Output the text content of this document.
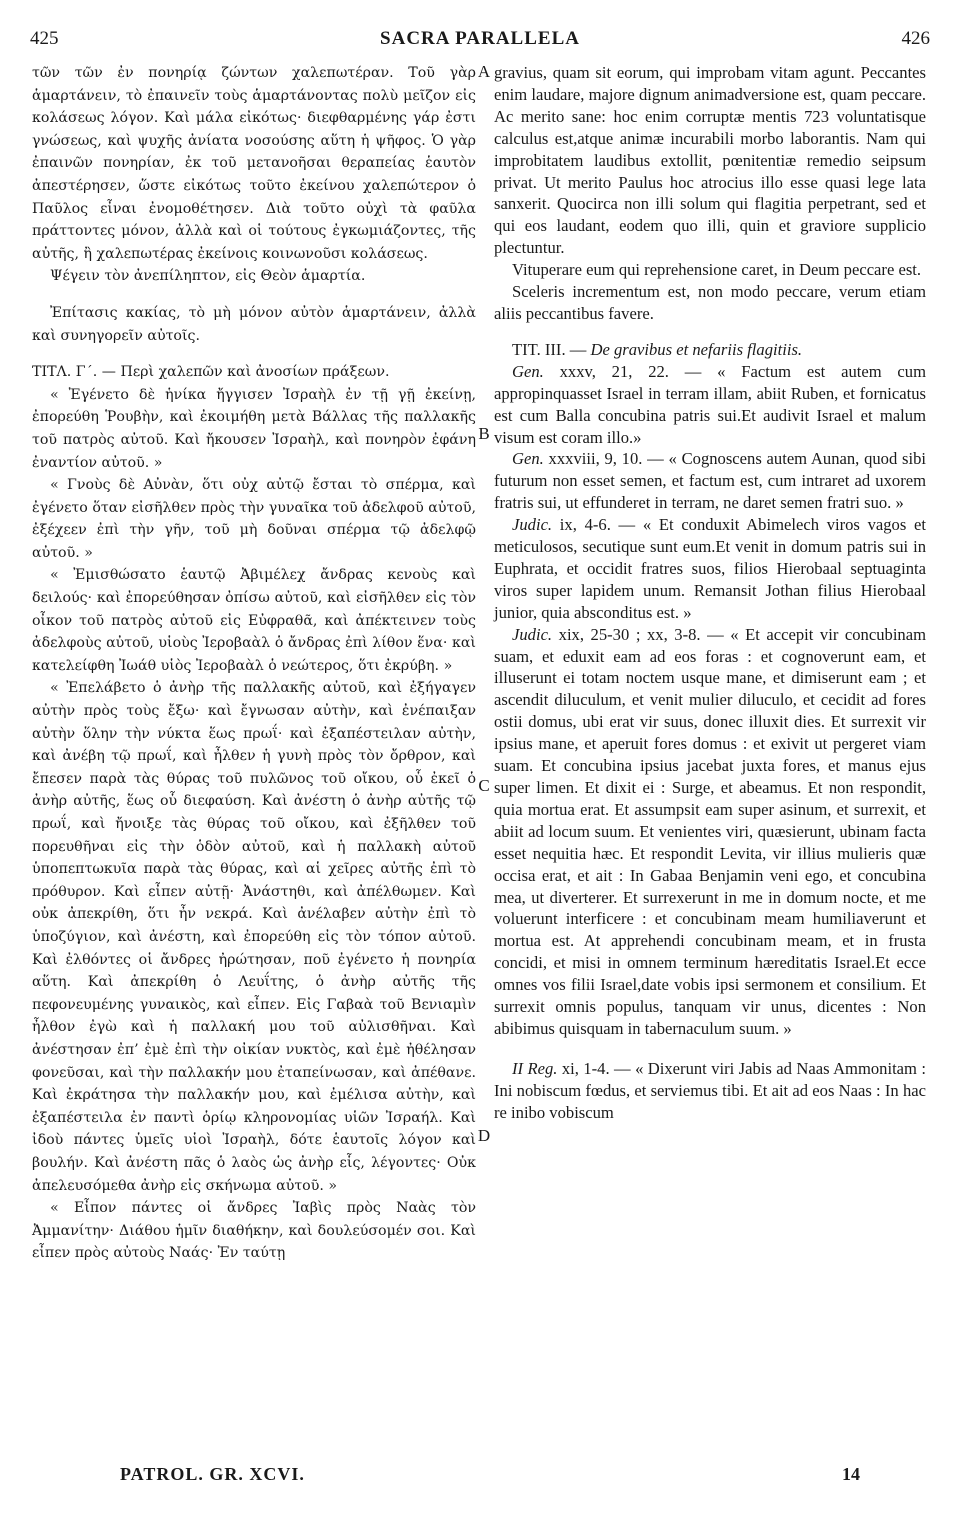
425	SACRA PARALLELA	426

τῶν τῶν ἐν πονηρίᾳ ζώντων χαλεπωτέραν. Τοῦ γὰρ ἁμαρτάνειν, τὸ ἐπαινεῖν τοὺς ἁμαρτάνοντας πολὺ μεῖζον εἰς κολάσεως λόγον. Καὶ μάλα εἰκότως· διεφθαρμένης γάρ ἐστι γνώσεως, καὶ ψυχῆς ἀνίατα νοσούσης αὕτη ἡ ψῆφος. Ὁ γὰρ ἐπαινῶν πονηρίαν, ἐκ τοῦ μετανοῆσαι θεραπείας ἑαυτὸν ἀπεστέρησεν, ὥστε εἰκότως τοῦτο ἐκείνου χαλεπώτερον ὁ Παῦλος εἶναι ἐνομοθέτησεν. Διὰ τοῦτο οὐχὶ τὰ φαῦλα πράττοντες μόνον, ἀλλὰ καὶ οἱ τούτους ἐγκωμιάζοντες, τῆς αὐτῆς, ἢ χαλεπωτέρας ἐκείνοις κοινωνοῦσι κολάσεως.

Ψέγειν τὸν ἀνεπίληπτον, εἰς Θεὸν ἁμαρτία.

Ἐπίτασις κακίας, τὸ μὴ μόνον αὐτὸν ἁμαρτάνειν, ἀλλὰ καὶ συνηγορεῖν αὐτοῖς.

ΤΙΤΛ. Γ΄. — Περὶ χαλεπῶν καὶ ἀνοσίων πράξεων.

« Ἐγένετο δὲ ἡνίκα ἤγγισεν Ἰσραὴλ ἐν τῇ γῇ ἐκείνῃ, ἐπορεύθη Ῥουβὴν, καὶ ἐκοιμήθη μετὰ Βάλλας τῆς παλλακῆς τοῦ πατρὸς αὐτοῦ. Καὶ ἤκουσεν Ἰσραὴλ, καὶ πονηρὸν ἐφάνη ἐναντίον αὐτοῦ. »

« Γνοὺς δὲ Αὐνὰν, ὅτι οὐχ αὐτῷ ἔσται τὸ σπέρμα, καὶ ἐγένετο ὅταν εἰσῆλθεν πρὸς τὴν γυναῖκα τοῦ ἀδελφοῦ αὐτοῦ, ἐξέχεεν ἐπὶ τὴν γῆν, τοῦ μὴ δοῦναι σπέρμα τῷ ἀδελφῷ αὐτοῦ. »

« Ἐμισθώσατο ἑαυτῷ Ἀβιμέλεχ ἄνδρας κενοὺς καὶ δειλούς· καὶ ἐπορεύθησαν ὀπίσω αὐτοῦ, καὶ εἰσῆλθεν εἰς τὸν οἶκον τοῦ πατρὸς αὐτοῦ εἰς Εὐφραθᾶ, καὶ ἀπέκτεινεν τοὺς ἀδελφοὺς αὐτοῦ, υἱοὺς Ἰεροβαὰλ ὁ ἄνδρας ἐπὶ λίθον ἕνα· καὶ κατελείφθη Ἰωάθ υἱὸς Ἰεροβαὰλ ὁ νεώτερος, ὅτι ἐκρύβη. »

« Ἐπελάβετο ὁ ἀνὴρ τῆς παλλακῆς αὐτοῦ, καὶ ἐξήγαγεν αὐτὴν πρὸς τοὺς ἔξω· καὶ ἔγνωσαν αὐτὴν, καὶ ἐνέπαιξαν αὐτὴν ὅλην τὴν νύκτα ἕως πρωΐ· καὶ ἐξαπέστειλαν αὐτὴν, καὶ ἀνέβη τῷ πρωΐ, καὶ ἦλθεν ἡ γυνὴ πρὸς τὸν ὄρθρον, καὶ ἔπεσεν παρὰ τὰς θύρας τοῦ πυλῶνος τοῦ οἴκου, οὗ ἐκεῖ ὁ ἀνὴρ αὐτῆς, ἕως οὗ διεφαύση. Καὶ ἀνέστη ὁ ἀνὴρ αὐτῆς τῷ πρωΐ, καὶ ἤνοιξε τὰς θύρας τοῦ οἴκου, καὶ ἐξῆλθεν τοῦ πορευθῆναι εἰς τὴν ὁδὸν αὐτοῦ, καὶ ἡ παλλακὴ αὐτοῦ ὑποπεπτωκυῖα παρὰ τὰς θύρας, καὶ αἱ χεῖρες αὐτῆς ἐπὶ τὸ πρόθυρον. Καὶ εἶπεν αὐτῇ· Ἀνάστηθι, καὶ ἀπέλθωμεν. Καὶ οὐκ ἀπεκρίθη, ὅτι ἦν νεκρά. Καὶ ἀνέλαβεν αὐτὴν ἐπὶ τὸ ὑποζύγιον, καὶ ἀνέστη, καὶ ἐπορεύθη εἰς τὸν τόπον αὐτοῦ. Καὶ ἐλθόντες οἱ ἄνδρες ἠρώτησαν, ποῦ ἐγένετο ἡ πονηρία αὕτη. Καὶ ἀπεκρίθη ὁ Λευΐτης, ὁ ἀνὴρ αὐτῆς τῆς πεφονευμένης γυναικὸς, καὶ εἶπεν. Εἰς Γαβαὰ τοῦ Βενιαμὶν ἦλθον ἐγὼ καὶ ἡ παλλακή μου τοῦ αὐλισθῆναι. Καὶ ἀνέστησαν ἐπ’ ἐμὲ ἐπὶ τὴν οἰκίαν νυκτὸς, καὶ ἐμὲ ἠθέλησαν φονεῦσαι, καὶ τὴν παλλακήν μου ἐταπείνωσαν, καὶ ἀπέθανε. Καὶ ἐκράτησα τὴν παλλακήν μου, καὶ ἐμέλισα αὐτὴν, καὶ ἐξαπέστειλα ἐν παντὶ ὁρίῳ κληρονομίας υἱῶν Ἰσραήλ. Καὶ ἰδοὺ πάντες ὑμεῖς υἱοὶ Ἰσραὴλ, δότε ἑαυτοῖς λόγον καὶ βουλήν. Καὶ ἀνέστη πᾶς ὁ λαὸς ὡς ἀνὴρ εἷς, λέγοντες· Οὐκ ἀπελευσόμεθα ἀνὴρ εἰς σκήνωμα αὐτοῦ. »

« Εἶπον πάντες οἱ ἄνδρες Ἰαβὶς πρὸς Ναὰς τὸν Ἀμμανίτην· Διάθου ἡμῖν διαθήκην, καὶ δουλεύσομέν σοι. Καὶ εἶπεν πρὸς αὐτοὺς Ναάς· Ἐν ταύτῃ

A
B
C
D

gravius, quam sit eorum, qui improbam vitam agunt. Peccantes enim laudare, majore dignum animadversione est, quam peccare. Ac merito sane: hoc enim corruptæ mentis 723 voluntatisque calculus est,atque animæ incurabili morbo laborantis. Nam qui improbitatem laudibus extollit, pœnitentiæ remedio seipsum privat. Ut merito Paulus hoc atrocius illo esse quasi lege lata sanxerit. Quocirca non illi solum qui flagitia perpetrant, sed et qui eos laudant, eodem quo illi, quin et graviore supplicio plectuntur.

Vituperare eum qui reprehensione caret, in Deum peccare est.

Sceleris incrementum est, non modo peccare, verum etiam aliis peccantibus favere.

TIT. III. — De gravibus et nefariis flagitiis.

Gen. xxxv, 21, 22. — « Factum est autem cum appropinquasset Israel in terram illam, abiit Ruben, et fornicatus est cum Balla concubina patris sui.Et audivit Israel et malum visum est coram illo.»

Gen. xxxviii, 9, 10. — « Cognoscens autem Aunan, quod sibi futurum non esset semen, et factum est, cum intraret ad uxorem fratris sui, ut effunderet in terram, ne daret semen fratri suo. »

Judic. ix, 4-6. — « Et conduxit Abimelech viros vagos et meticulosos, secutique sunt eum.Et venit in domum patris sui in Euphrata, et occidit fratres suos, filios Hierobaal septuaginta viros super lapidem unum. Remansit Jothan filius Hierobaal junior, quia absconditus est. »

Judic. xix, 25-30 ; xx, 3-8. — « Et accepit vir concubinam suam, et eduxit eam ad eos foras : et cognoverunt eam, et illuserunt ei totam noctem usque mane, et dimiserunt eam ; et ascendit diluculum, et venit mulier diluculo, et cecidit ad fores ostii domus, ubi erat vir suus, donec illuxit dies. Et surrexit vir ipsius mane, et aperuit fores domus : et exivit ut pergeret viam suam. Et concubina ipsius jacebat juxta fores, et manus ejus super limen. Et dixit ei : Surge, et abeamus. Et non respondit, quia mortua erat. Et assumpsit eam super asinum, et surrexit, et abiit ad locum suum. Et venientes viri, quæsierunt, ubinam facta esset nequitia hæc. Et respondit Levita, vir illius mulieris quæ occisa erat, et ait : In Gabaa Benjamin veni ego, et concubina mea, ut diverterer. Et surrexerunt in me in domum nocte, et me voluerunt interficere : et concubinam meam humiliaverunt et mortua est. At apprehendi concubinam meam, et in frusta concidi, et misi in omnem terminum hæreditatis Israel.Et ecce omnes vos filii Israel,date vobis ipsi sermonem et consilium. Et surrexit omnis populus, tanquam vir unus, dicentes : Non abibimus quisquam in tabernaculum suum. »

II Reg. xi, 1-4. — « Dixerunt viri Jabis ad Naas Ammonitam : Ini nobiscum fœdus, et serviemus tibi. Et ait ad eos Naas : In hac re inibo vobiscum

PATROL. GR. XCVI.	14
